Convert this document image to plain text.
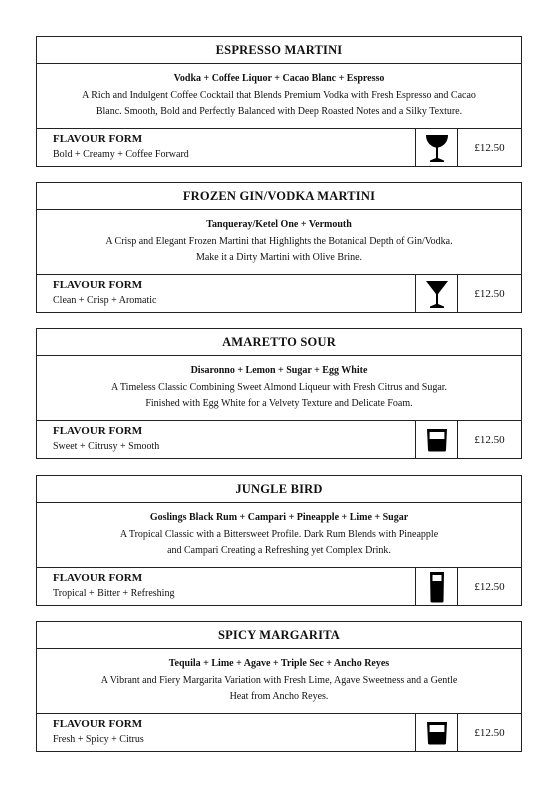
ESPRESSO MARTINI
Vodka + Coffee Liquor + Cacao Blanc + Espresso
A Rich and Indulgent Coffee Cocktail that Blends Premium Vodka with Fresh Espresso and Cacao
Blanc. Smooth, Bold and Perfectly Balanced with Deep Roasted Notes and a Silky Texture.
FLAVOUR FORM
Bold + Creamy + Coffee Forward
£12.50
FROZEN GIN/VODKA MARTINI
Tanqueray/Ketel One + Vermouth
A Crisp and Elegant Frozen Martini that Highlights the Botanical Depth of Gin/Vodka.
Make it a Dirty Martini with Olive Brine.
FLAVOUR FORM
Clean + Crisp + Aromatic
£12.50
AMARETTO SOUR
Disaronno + Lemon + Sugar + Egg White
A Timeless Classic Combining Sweet Almond Liqueur with Fresh Citrus and Sugar.
Finished with Egg White for a Velvety Texture and Delicate Foam.
FLAVOUR FORM
Sweet + Citrusy + Smooth
£12.50
JUNGLE BIRD
Goslings Black Rum + Campari + Pineapple + Lime + Sugar
A Tropical Classic with a Bittersweet Profile. Dark Rum Blends with Pineapple
and Campari Creating a Refreshing yet Complex Drink.
FLAVOUR FORM
Tropical + Bitter + Refreshing
£12.50
SPICY MARGARITA
Tequila + Lime + Agave + Triple Sec + Ancho Reyes
A Vibrant and Fiery Margarita Variation with Fresh Lime, Agave Sweetness and a Gentle
Heat from Ancho Reyes.
FLAVOUR FORM
Fresh + Spicy + Citrus
£12.50
